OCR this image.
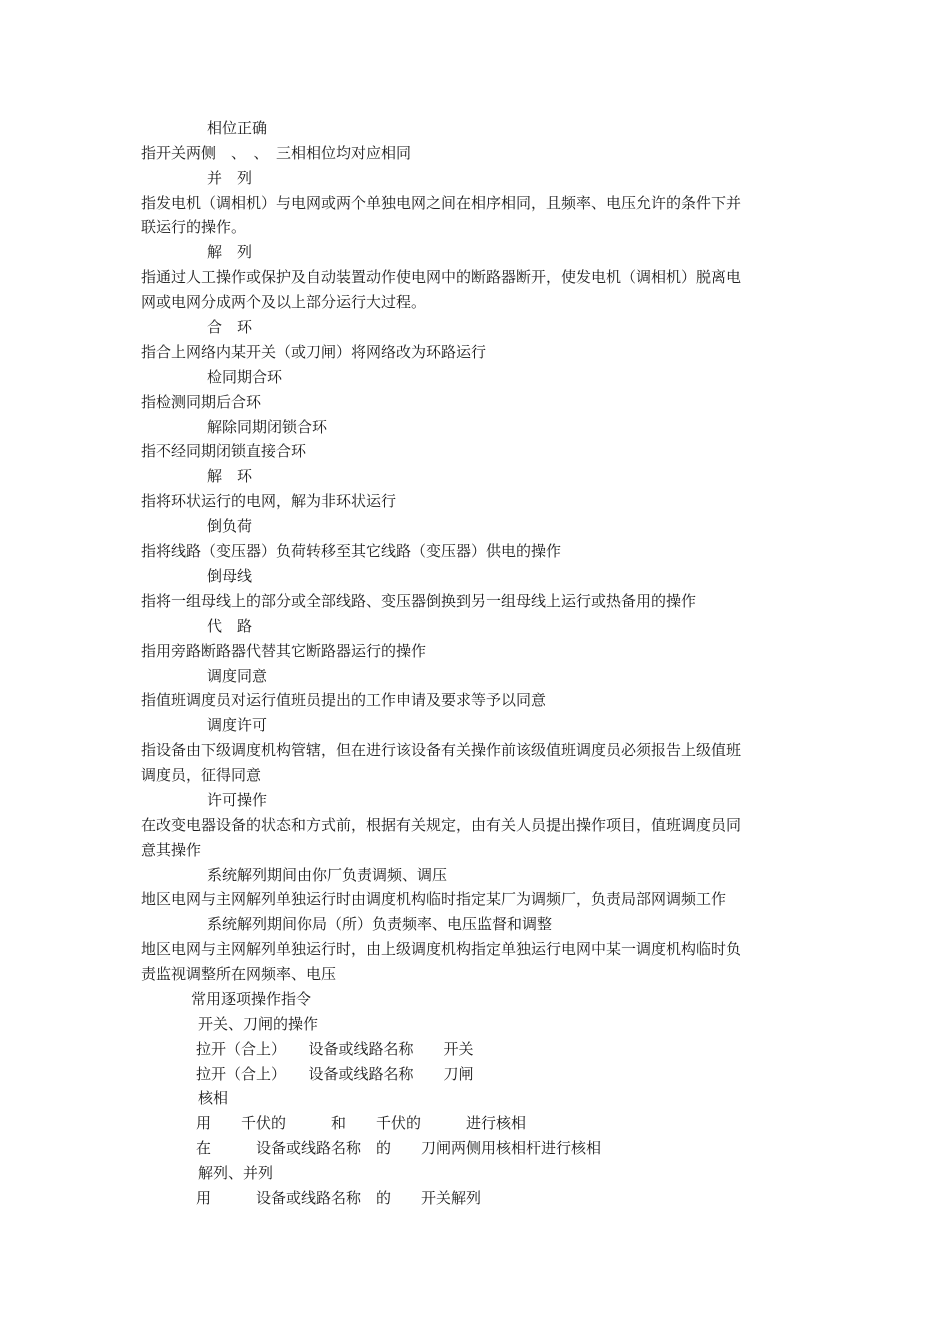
相位正确

指开关两侧　、　、　三相相位均对应相同

并　列

指发电机（调相机）与电网或两个单独电网之间在相序相同，且频率、电压允许的条件下并

联运行的操作。

解　列

指通过人工操作或保护及自动装置动作使电网中的断路器断开，使发电机（调相机）脱离电

网或电网分成两个及以上部分运行大过程。

合　环

指合上网络内某开关（或刀闸）将网络改为环路运行

检同期合环

指检测同期后合环

解除同期闭锁合环

指不经同期闭锁直接合环

解　环

指将环状运行的电网，解为非环状运行

倒负荷

指将线路（变压器）负荷转移至其它线路（变压器）供电的操作

倒母线

指将一组母线上的部分或全部线路、变压器倒换到另一组母线上运行或热备用的操作

代　路

指用旁路断路器代替其它断路器运行的操作

调度同意

指值班调度员对运行值班员提出的工作申请及要求等予以同意

调度许可

指设备由下级调度机构管辖，但在进行该设备有关操作前该级值班调度员必须报告上级值班

调度员，征得同意

许可操作

在改变电器设备的状态和方式前，根据有关规定，由有关人员提出操作项目，值班调度员同

意其操作

系统解列期间由你厂负责调频、调压

地区电网与主网解列单独运行时由调度机构临时指定某厂为调频厂，负责局部网调频工作

系统解列期间你局（所）负责频率、电压监督和调整

地区电网与主网解列单独运行时，由上级调度机构指定单独运行电网中某一调度机构临时负

责监视调整所在网频率、电压

常用逐项操作指令

开关、刀闸的操作

拉开（合上）　　设备或线路名称　　开关

拉开（合上）　　设备或线路名称　　刀闸

核相

用　　千伏的　　　和　　千伏的　　　进行核相

在　　　设备或线路名称　的　　刀闸两侧用核相杆进行核相

解列、并列

用　　　设备或线路名称　的　　开关解列
